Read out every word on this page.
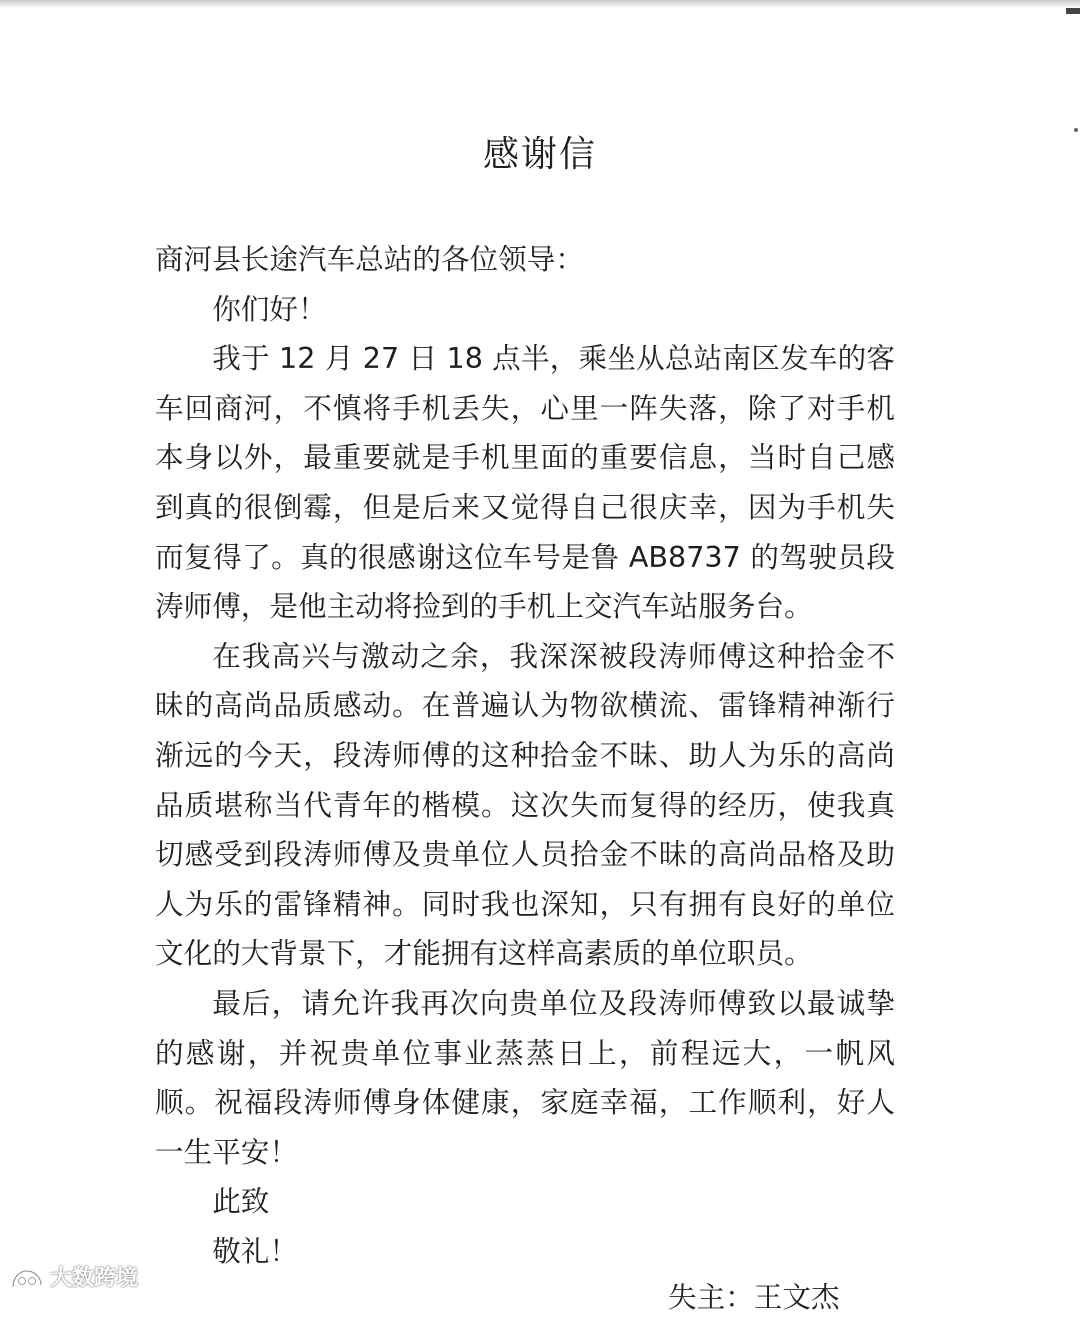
感谢信

商河县长途汽车总站的各位领导：

你们好！

我于 12 月 27 日 18 点半，乘坐从总站南区发车的客车回商河，不慎将手机丢失，心里一阵失落，除了对手机本身以外，最重要就是手机里面的重要信息，当时自己感到真的很倒霉，但是后来又觉得自己很庆幸，因为手机失而复得了。真的很感谢这位车号是鲁 AB8737 的驾驶员段涛师傅，是他主动将捡到的手机上交汽车站服务台。

在我高兴与激动之余，我深深被段涛师傅这种拾金不昧的高尚品质感动。在普遍认为物欲横流、雷锋精神渐行渐远的今天，段涛师傅的这种拾金不昧、助人为乐的高尚品质堪称当代青年的楷模。这次失而复得的经历，使我真切感受到段涛师傅及贵单位人员拾金不昧的高尚品格及助人为乐的雷锋精神。同时我也深知，只有拥有良好的单位文化的大背景下，才能拥有这样高素质的单位职员。

最后，请允许我再次向贵单位及段涛师傅致以最诚挚的感谢，并祝贵单位事业蒸蒸日上，前程远大，一帆风顺。祝福段涛师傅身体健康，家庭幸福，工作顺利，好人一生平安！

此致

敬礼！

失主：王文杰
大数跨境
